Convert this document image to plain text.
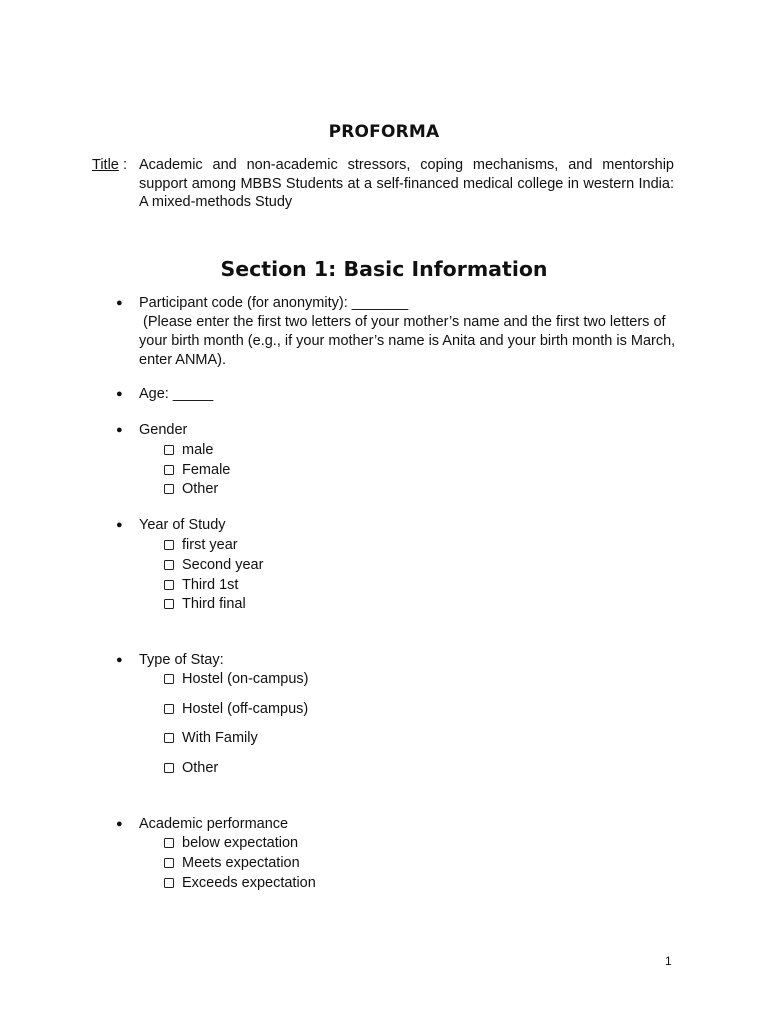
PROFORMA
Title : Academic and non-academic stressors, coping mechanisms, and mentorship support among MBBS Students at a self-financed medical college in western India: A mixed-methods Study
Section 1: Basic Information
● Participant code (for anonymity): _______
(Please enter the first two letters of your mother’s name and the first two letters of your birth month (e.g., if your mother’s name is Anita and your birth month is March, enter ANMA).
● Age: _____
● Gender
male
Female
Other
● Year of Study
first year
Second year
Third 1st
Third final
● Type of Stay:
Hostel (on-campus)
Hostel (off-campus)
With Family
Other
● Academic performance
below expectation
Meets expectation
Exceeds expectation
1
